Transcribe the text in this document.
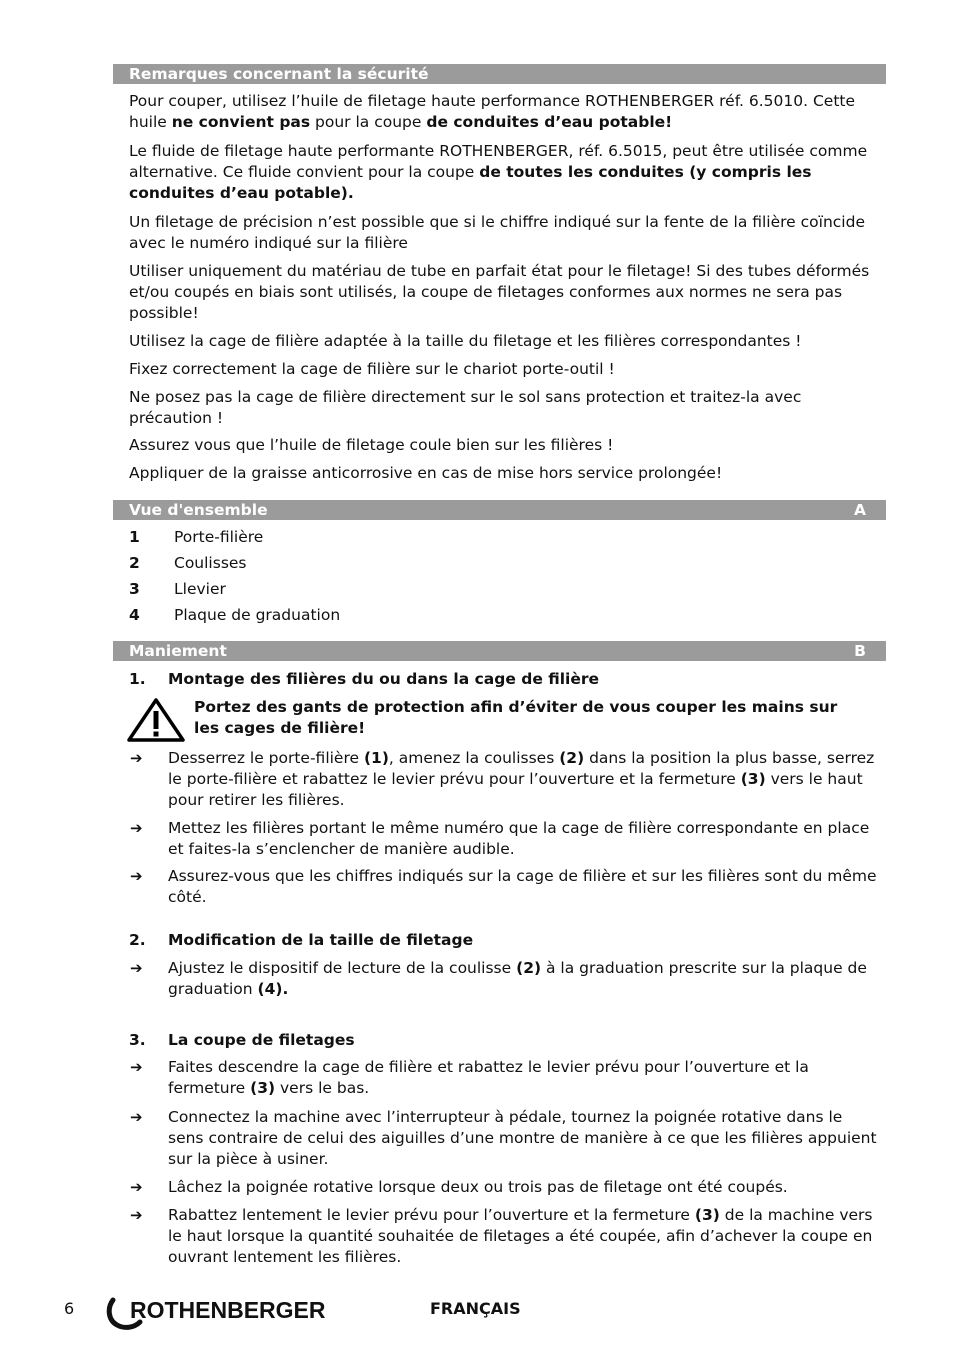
Remarques concernant la sécurité

Pour couper, utilisez l’huile de filetage haute performance ROTHENBERGER réf. 6.5010. Cette huile ne convient pas pour la coupe de conduites d’eau potable!

Le fluide de filetage haute performante ROTHENBERGER, réf. 6.5015, peut être utilisée comme alternative. Ce fluide convient pour la coupe de toutes les conduites (y compris les conduites d’eau potable).

Un filetage de précision n’est possible que si le chiffre indiqué sur la fente de la filière coïncide avec le numéro indiqué sur la filière

Utiliser uniquement du matériau de tube en parfait état pour le filetage! Si des tubes déformés et/ou coupés en biais sont utilisés, la coupe de filetages conformes aux normes ne sera pas possible!

Utilisez la cage de filière adaptée à la taille du filetage et les filières correspondantes !

Fixez correctement la cage de filière sur le chariot porte-outil !

Ne posez pas la cage de filière directement sur le sol sans protection et traitez-la avec précaution !

Assurez vous que l’huile de filetage coule bien sur les filières !

Appliquer de la graisse anticorrosive en cas de mise hors service prolongée!

Vue d'ensemble	A
1 Porte-filière
2 Coulisses
3 Llevier
4 Plaque de graduation
Maniement	B
1. Montage des filières du ou dans la cage de filière

Portez des gants de protection afin d’éviter de vous couper les mains sur les cages de filière!

➔ Desserrez le porte-filière (1), amenez la coulisses (2) dans la position la plus basse, serrez le porte-filière et rabattez le levier prévu pour l’ouverture et la fermeture (3) vers le haut pour retirer les filières.

➔ Mettez les filières portant le même numéro que la cage de filière correspondante en place et faites-la s’enclencher de manière audible.

➔ Assurez-vous que les chiffres indiqués sur la cage de filière et sur les filières sont du même côté.

2. Modification de la taille de filetage
➔ Ajustez le dispositif de lecture de la coulisse (2) à la graduation prescrite sur la plaque de graduation (4).

3. La coupe de filetages
➔ Faites descendre la cage de filière et rabattez le levier prévu pour l’ouverture et la fermeture (3) vers le bas.

➔ Connectez la machine avec l’interrupteur à pédale, tournez la poignée rotative dans le sens contraire de celui des aiguilles d’une montre de manière à ce que les filières appuient sur la pièce à usiner.

➔ Lâchez la poignée rotative lorsque deux ou trois pas de filetage ont été coupés.

➔ Rabattez lentement le levier prévu pour l’ouverture et la fermeture (3) de la machine vers le haut lorsque la quantité souhaitée de filetages a été coupée, afin d’achever la coupe en ouvrant lentement les filières.

6 ROTHENBERGER	FRANÇAIS
